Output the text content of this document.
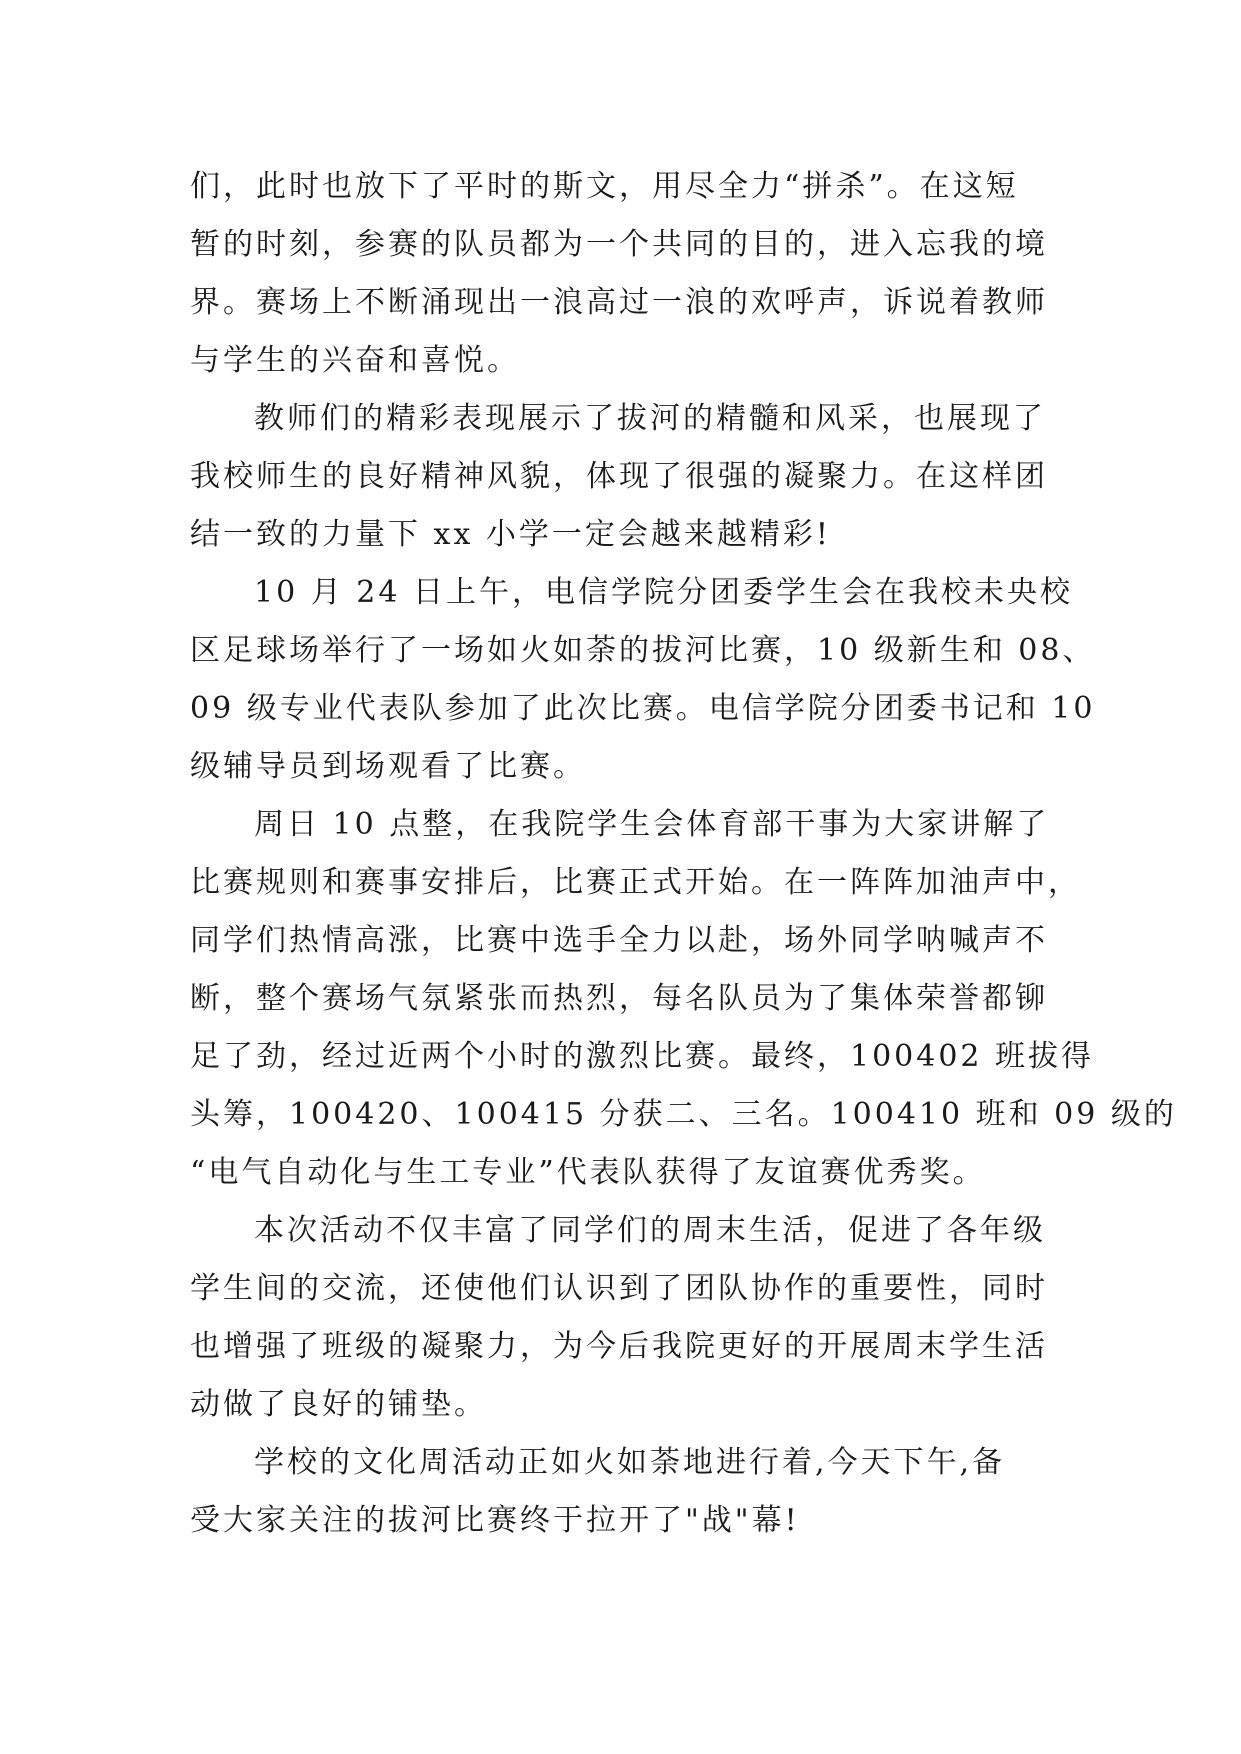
们，此时也放下了平时的斯文，用尽全力“拼杀”。在这短
暂的时刻，参赛的队员都为一个共同的目的，进入忘我的境
界。赛场上不断涌现出一浪高过一浪的欢呼声，诉说着教师
与学生的兴奋和喜悦。
教师们的精彩表现展示了拔河的精髓和风采，也展现了
我校师生的良好精神风貌，体现了很强的凝聚力。在这样团
结一致的力量下 xx 小学一定会越来越精彩!
10 月 24 日上午，电信学院分团委学生会在我校未央校
区足球场举行了一场如火如荼的拔河比赛，10 级新生和 08、
09 级专业代表队参加了此次比赛。电信学院分团委书记和 10
级辅导员到场观看了比赛。
周日 10 点整，在我院学生会体育部干事为大家讲解了
比赛规则和赛事安排后，比赛正式开始。在一阵阵加油声中，
同学们热情高涨，比赛中选手全力以赴，场外同学呐喊声不
断，整个赛场气氛紧张而热烈，每名队员为了集体荣誉都铆
足了劲，经过近两个小时的激烈比赛。最终，100402 班拔得
头筹，100420、100415 分获二、三名。100410 班和 09 级的
“电气自动化与生工专业”代表队获得了友谊赛优秀奖。
本次活动不仅丰富了同学们的周末生活，促进了各年级
学生间的交流，还使他们认识到了团队协作的重要性，同时
也增强了班级的凝聚力，为今后我院更好的开展周末学生活
动做了良好的铺垫。
学校的文化周活动正如火如荼地进行着,今天下午,备
受大家关注的拔河比赛终于拉开了"战"幕!
